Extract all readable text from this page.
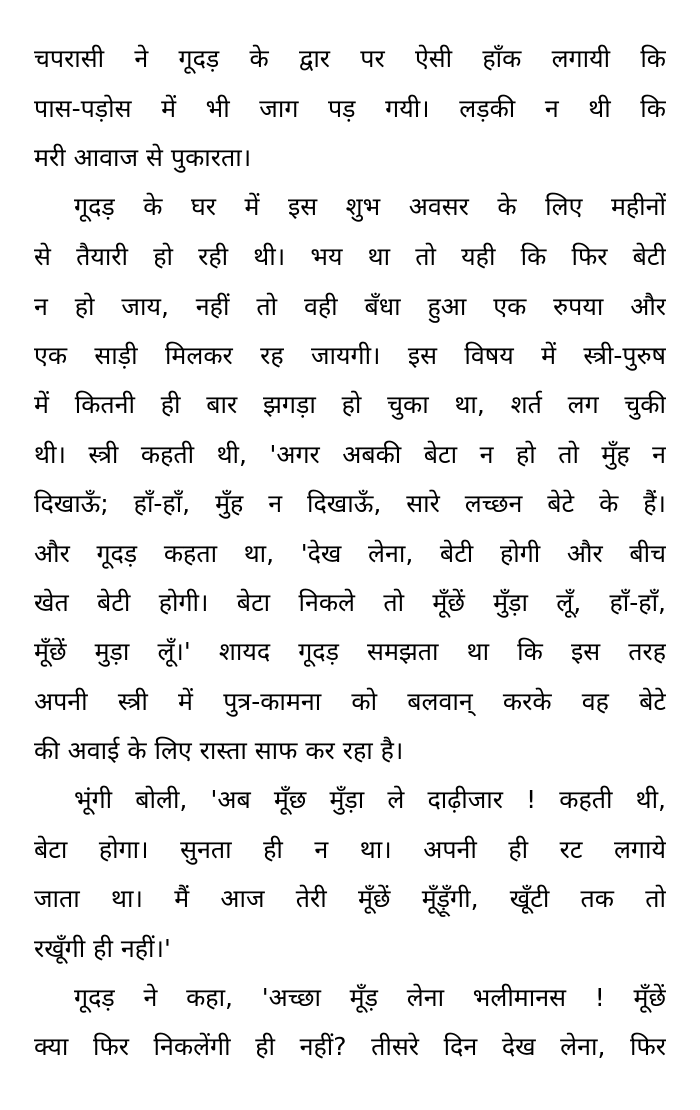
चपरासी ने गूदड़ के द्वार पर ऐसी हाँक लगायी कि
पास-पड़ोस में भी जाग पड़ गयी। लड़की न थी कि
मरी आवाज से पुकारता।
गूदड़ के घर में इस शुभ अवसर के लिए महीनों
से तैयारी हो रही थी। भय था तो यही कि फिर बेटी
न हो जाय, नहीं तो वही बँधा हुआ एक रुपया और
एक साड़ी मिलकर रह जायगी। इस विषय में स्त्री-पुरुष
में कितनी ही बार झगड़ा हो चुका था, शर्त लग चुकी
थी। स्त्री कहती थी, 'अगर अबकी बेटा न हो तो मुँह न
दिखाऊँ; हाँ-हाँ, मुँह न दिखाऊँ, सारे लच्छन बेटे के हैं।
और गूदड़ कहता था, 'देख लेना, बेटी होगी और बीच
खेत बेटी होगी। बेटा निकले तो मूँछें मुँड़ा लूँ, हाँ-हाँ,
मूँछें मुड़ा लूँ।' शायद गूदड़ समझता था कि इस तरह
अपनी स्त्री में पुत्र-कामना को बलवान् करके वह बेटे
की अवाई के लिए रास्ता साफ कर रहा है।
भूंगी बोली, 'अब मूँछ मुँड़ा ले दाढ़ीजार ! कहती थी,
बेटा होगा। सुनता ही न था। अपनी ही रट लगाये
जाता था। मैं आज तेरी मूँछें मूँड़ूँगी, खूँटी तक तो
रखूँगी ही नहीं।'
गूदड़ ने कहा, 'अच्छा मूँड़ लेना भलीमानस ! मूँछें
क्या फिर निकलेंगी ही नहीं? तीसरे दिन देख लेना, फिर
